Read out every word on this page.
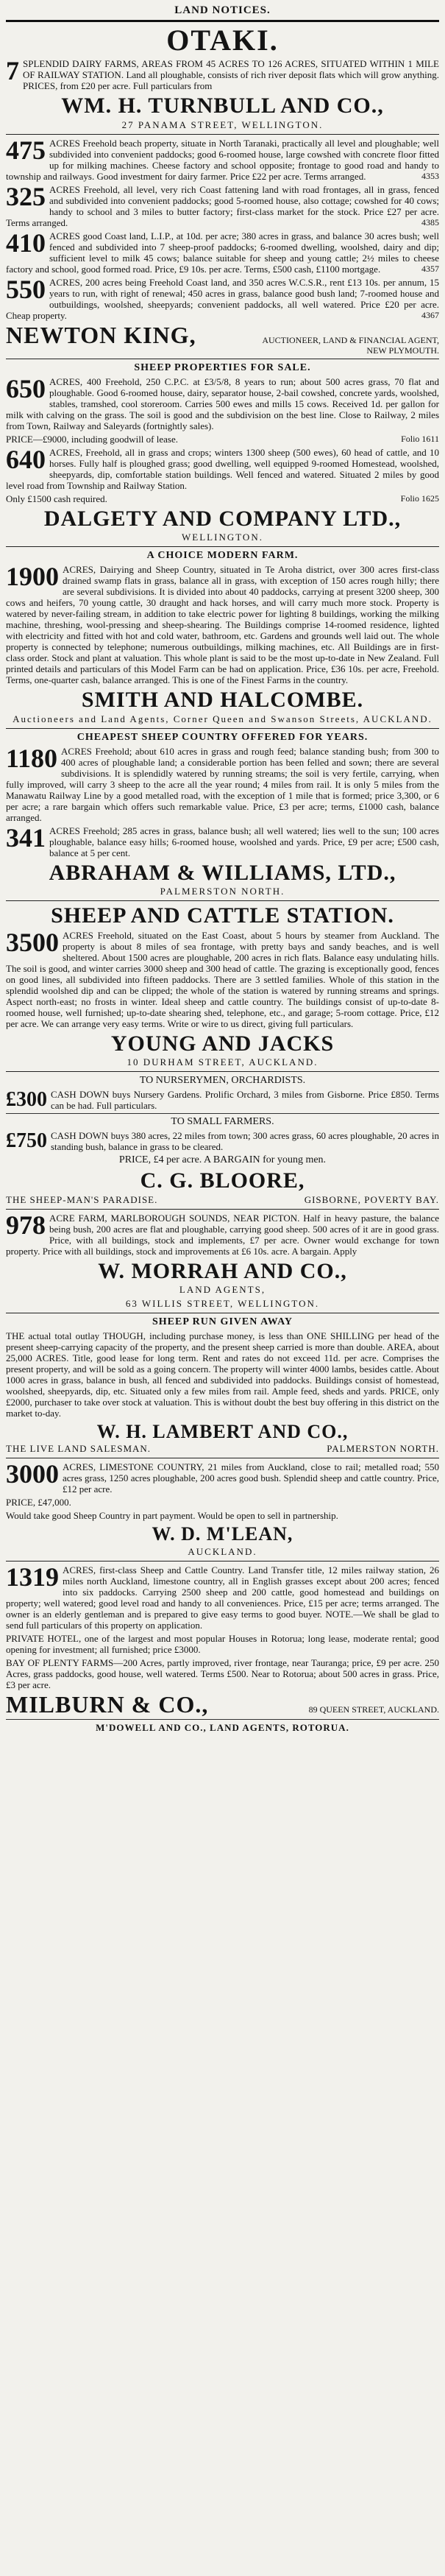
LAND NOTICES.
OTAKI.
7 SPLENDID DAIRY FARMS, AREAS FROM 45 ACRES TO 126 ACRES, SITUATED WITHIN 1 MILE OF RAILWAY STATION. Land all ploughable, consists of rich river deposit flats which will grow anything. PRICES, from £20 per acre. Full particulars from
WM. H. TURNBULL AND CO.,
27 PANAMA STREET, WELLINGTON.
475 ACRES Freehold beach property, situate in North Taranaki, practically all level and ploughable; well subdivided into convenient paddocks; good 6-roomed house, large cowshed with concrete floor fitted up for milking machines. Cheese factory and school opposite; frontage to good road and handy to township and railways. Good investment for dairy farmer. Price £22 per acre. Terms arranged.	4353
325 ACRES Freehold, all level, very rich Coast fattening land with road frontages, all in grass, fenced and subdivided into convenient paddocks; good 5-roomed house, also cottage; cowshed for 40 cows; handy to school and 3 miles to butter factory; first-class market for the stock. Price £27 per acre. Terms arranged.	4385
410 ACRES good Coast land, L.I.P., at 10d. per acre; 380 acres in grass, and balance 30 acres bush; well fenced and subdivided into 7 sheep-proof paddocks; 6-roomed dwelling, woolshed, dairy and dip; sufficient level to milk 45 cows; balance suitable for sheep and young cattle; 2½ miles to cheese factory and school, good formed road. Price, £9 10s. per acre. Terms, £500 cash, £1100 mortgage.	4357
550 ACRES, 200 acres being Freehold Coast land, and 350 acres W.C.S.R., rent £13 10s. per annum, 15 years to run, with right of renewal; 450 acres in grass, balance good bush land; 7-roomed house and outbuildings, woolshed, sheepyards; convenient paddocks, all well watered. Price £20 per acre. Cheap property.	4367
NEWTON KING,	AUCTIONEER, LAND & FINANCIAL AGENT, NEW PLYMOUTH.
SHEEP PROPERTIES FOR SALE.
650 ACRES, 400 Freehold, 250 C.P.C. at £3/5/8, 8 years to run; about 500 acres grass, 70 flat and ploughable. Good 6-roomed house, dairy, separator house, 2-bail cowshed, concrete yards, woolshed, stables, tramshed, cool storeroom. Carries 500 ewes and mills 15 cows. Received 1d. per gallon for milk with calving on the grass. The soil is good and the subdivision on the best line. Close to Railway, 2 miles from Town, Railway and Saleyards (fortnightly sales).
PRICE—£9000, including goodwill of lease.	Folio 1611
640 ACRES, Freehold, all in grass and crops; winters 1300 sheep (500 ewes), 60 head of cattle, and 10 horses. Fully half is ploughed grass; good dwelling, well equipped 9-roomed Homestead, woolshed, sheepyards, dip, comfortable station buildings. Well fenced and watered. Situated 2 miles by good level road from Township and Railway Station.
Only £1500 cash required.	Folio 1625
DALGETY AND COMPANY LTD.,
WELLINGTON.
A CHOICE MODERN FARM.
1900 ACRES, Dairying and Sheep Country, situated in Te Aroha district, over 300 acres first-class drained swamp flats in grass, balance all in grass, with exception of 150 acres rough hilly; there are several subdivisions. It is divided into about 40 paddocks, carrying at present 3200 sheep, 300 cows and heifers, 70 young cattle, 30 draught and hack horses, and will carry much more stock. Property is watered by never-failing stream, in addition to take electric power for lighting 8 buildings, working the milking machine, threshing, wool-pressing and sheep-shearing. The Buildings comprise 14-roomed residence, lighted with electricity and fitted with hot and cold water, bathroom, etc. Gardens and grounds well laid out. The whole property is connected by telephone; numerous outbuildings, milking machines, etc. All Buildings are in first-class order. Stock and plant at valuation. This whole plant is said to be the most up-to-date in New Zealand. Full printed details and particulars of this Model Farm can be had on application. Price, £36 10s. per acre, Freehold. Terms, one-quarter cash, balance arranged. This is one of the Finest Farms in the country.
SMITH AND HALCOMBE.
Auctioneers and Land Agents, Corner Queen and Swanson Streets, AUCKLAND.
CHEAPEST SHEEP COUNTRY OFFERED FOR YEARS.
1180 ACRES Freehold; about 610 acres in grass and rough feed; balance standing bush; from 300 to 400 acres of ploughable land; a considerable portion has been felled and sown; there are several subdivisions. It is splendidly watered by running streams; the soil is very fertile, carrying, when fully improved, will carry 3 sheep to the acre all the year round; 4 miles from rail. It is only 5 miles from the Manawatu Railway Line by a good metalled road, with the exception of 1 mile that is formed; price 3,300, or 6 per acre; a rare bargain which offers such remarkable value. Price, £3 per acre; terms, £1000 cash, balance arranged.
341 ACRES Freehold; 285 acres in grass, balance bush; all well watered; lies well to the sun; 100 acres ploughable, balance easy hills; 6-roomed house, woolshed and yards. Price, £9 per acre; £500 cash, balance at 5 per cent.
ABRAHAM & WILLIAMS, LTD.,
PALMERSTON NORTH.
SHEEP AND CATTLE STATION.
3500 ACRES Freehold, situated on the East Coast, about 5 hours by steamer from Auckland. The property is about 8 miles of sea frontage, with pretty bays and sandy beaches, and is well sheltered. About 1500 acres are ploughable, 200 acres in rich flats. Balance easy undulating hills. The soil is good, and winter carries 3000 sheep and 300 head of cattle. The grazing is exceptionally good, fences on good lines, all subdivided into fifteen paddocks. There are 3 settled families. Whole of this station in the splendid woolshed dip and can be clipped; the whole of the station is watered by running streams and springs. Aspect north-east; no frosts in winter. Ideal sheep and cattle country. The buildings consist of up-to-date 8-roomed house, well furnished; up-to-date shearing shed, telephone, etc., and garage; 5-room cottage. Price, £12 per acre. We can arrange very easy terms. Write or wire to us direct, giving full particulars.
YOUNG AND JACKS
10 DURHAM STREET, AUCKLAND.
TO NURSERYMEN, ORCHARDISTS.
£300 CASH DOWN buys Nursery Gardens. Prolific Orchard, 3 miles from Gisborne. Price £850. Terms can be had. Full particulars.
TO SMALL FARMERS.
£750 CASH DOWN buys 380 acres, 22 miles from town; 300 acres grass, 60 acres ploughable, 20 acres in standing bush, balance in grass to be cleared.
PRICE, £4 per acre. A BARGAIN for young men.
C. G. BLOORE,
THE SHEEP-MAN'S PARADISE.	GISBORNE, POVERTY BAY.
978 ACRE FARM, MARLBOROUGH SOUNDS, NEAR PICTON. Half in heavy pasture, the balance being bush, 200 acres are flat and ploughable, carrying good sheep. 500 acres of it are in good grass. Price, with all buildings, stock and implements, £7 per acre. Owner would exchange for town property. Price with all buildings, stock and improvements at £6 10s. acre. A bargain. Apply
W. MORRAH AND CO.,
LAND AGENTS,
63 WILLIS STREET, WELLINGTON.
SHEEP RUN GIVEN AWAY
THE actual total outlay THOUGH, including purchase money, is less than ONE SHILLING per head of the present sheep-carrying capacity of the property, and the present sheep carried is more than double. AREA, about 25,000 ACRES. Title, good lease for long term. Rent and rates do not exceed 11d. per acre. Comprises the present property, and will be sold as a going concern. The property will winter 4000 lambs, besides cattle. About 1000 acres in grass, balance in bush, all fenced and subdivided into paddocks. Buildings consist of homestead, woolshed, sheepyards, dip, etc. Situated only a few miles from rail. Ample feed, sheds and yards. PRICE, only £2000, purchaser to take over stock at valuation. This is without doubt the best buy offering in this district on the market to-day.
W. H. LAMBERT AND CO.,
THE LIVE LAND SALESMAN.	PALMERSTON NORTH.
3000 ACRES, LIMESTONE COUNTRY, 21 miles from Auckland, close to rail; metalled road; 550 acres grass, 1250 acres ploughable, 200 acres good bush. Splendid sheep and cattle country. Price, £12 per acre.
PRICE, £47,000.
Would take good Sheep Country in part payment. Would be open to sell in partnership.
W. D. M'LEAN,
AUCKLAND.
1319 ACRES, first-class Sheep and Cattle Country. Land Transfer title, 12 miles railway station, 26 miles north Auckland, limestone country, all in English grasses except about 200 acres; fenced into six paddocks. Carrying 2500 sheep and 200 cattle, good homestead and buildings on property; well watered; good level road and handy to all conveniences. Price, £15 per acre; terms arranged. The owner is an elderly gentleman and is prepared to give easy terms to good buyer. NOTE.—We shall be glad to send full particulars of this property on application.
PRIVATE HOTEL, one of the largest and most popular Houses in Rotorua; long lease, moderate rental; good opening for investment; all furnished; price £3000.
BAY OF PLENTY FARMS—200 Acres, partly improved, river frontage, near Tauranga; price, £9 per acre. 250 Acres, grass paddocks, good house, well watered. Terms £500. Near to Rotorua; about 500 acres in grass. Price, £3 per acre.
MILBURN & CO.,	89 QUEEN STREET, AUCKLAND.
M'DOWELL AND CO., LAND AGENTS, ROTORUA.
